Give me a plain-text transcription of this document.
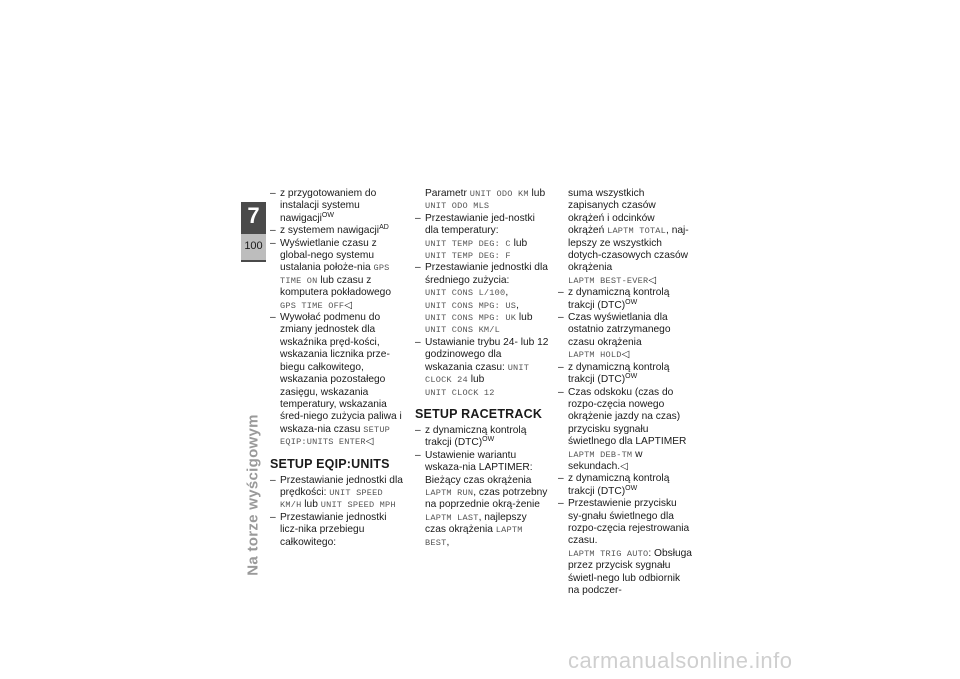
7
100
Na torze wyścigowym
– z przygotowaniem do instalacji systemu nawigacji$^{OW}$
– z systemem nawigacji$^{AD}$
– Wyświetlanie czasu z global-nego systemu ustalania położe-nia GPS TIME ON lub czasu z komputera pokładowego
GPS TIME OFF◁
– Wywołać podmenu do zmiany jednostek dla wskaźnika pręd-kości, wskazania licznika prze-biegu całkowitego, wskazania pozostałego zasięgu, wskazania temperatury, wskazania śred-niego zużycia paliwa i wskaza-nia czasu SETUP EQIP:UNITS ENTER◁
SETUP EQIP:UNITS
– Przestawianie jednostki dla prędkości: UNIT SPEED KM/H lub UNIT SPEED MPH
– Przestawianie jednostki licz-nika przebiegu całkowitego:
Parametr UNIT ODO KM lub
UNIT ODO MLS
– Przestawianie jed-nostki dla temperatury:
UNIT TEMP DEG: C lub
UNIT TEMP DEG: F
– Przestawianie jednostki dla średniego zużycia:
UNIT CONS L/100,
UNIT CONS MPG: US,
UNIT CONS MPG: UK lub
UNIT CONS KM/L
– Ustawianie trybu 24- lub 12 godzinowego dla wskazania czasu: UNIT CLOCK 24 lub
UNIT CLOCK 12
SETUP RACETRACK
– z dynamiczną kontrolą trakcji (DTC)$^{OW}$
– Ustawienie wariantu wskaza-nia LAPTIMER: Bieżący czas okrążenia LAPTM RUN, czas potrzebny na poprzednie okrą-żenie LAPTM LAST, najlepszy czas okrążenia LAPTM BEST,
suma wszystkich zapisanych czasów okrążeń i odcinków okrążeń LAPTM TOTAL, naj-lepszy ze wszystkich dotych-czasowych czasów okrążenia
LAPTM BEST-EVER◁
– z dynamiczną kontrolą trakcji (DTC)$^{OW}$
– Czas wyświetlania dla ostatnio zatrzymanego czasu okrążenia
LAPTM HOLD◁
– z dynamiczną kontrolą trakcji (DTC)$^{OW}$
– Czas odskoku (czas do rozpo-częcia nowego okrążenie jazdy na czas) przycisku sygnału świetlnego dla LAPTIMER
LAPTM DEB-TM w sekundach.◁
– z dynamiczną kontrolą trakcji (DTC)$^{OW}$
– Przestawienie przycisku sy-gnału świetlnego dla rozpo-częcia rejestrowania czasu.
LAPTM TRIG AUTO: Obsługa przez przycisk sygnału świetl-nego lub odbiornik na podczer-
carmanualsonline.info
